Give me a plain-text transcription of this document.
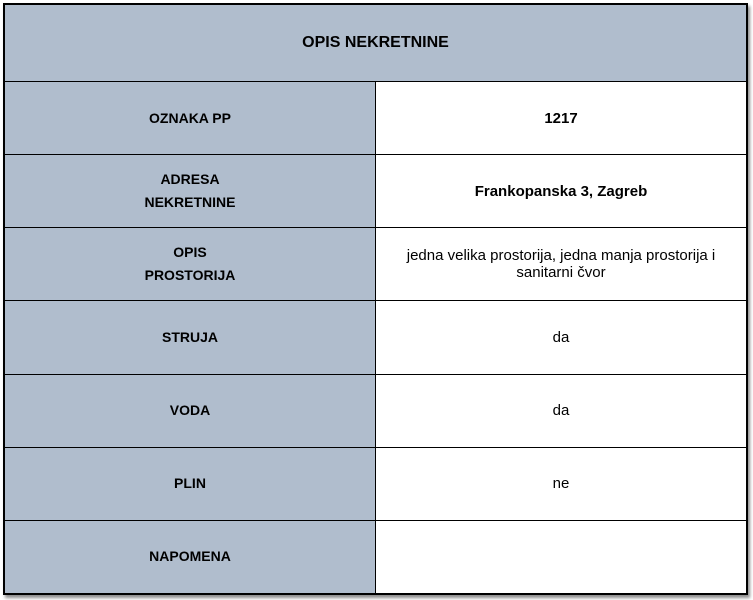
OPIS NEKRETNINE	
OZNAKA PP	1217
ADRESA
NEKRETNINE	Frankopanska 3, Zagreb
OPIS
PROSTORIJA	jedna velika prostorija, jedna manja prostorija i sanitarni čvor
STRUJA	da
VODA	da
PLIN	ne
NAPOMENA	
